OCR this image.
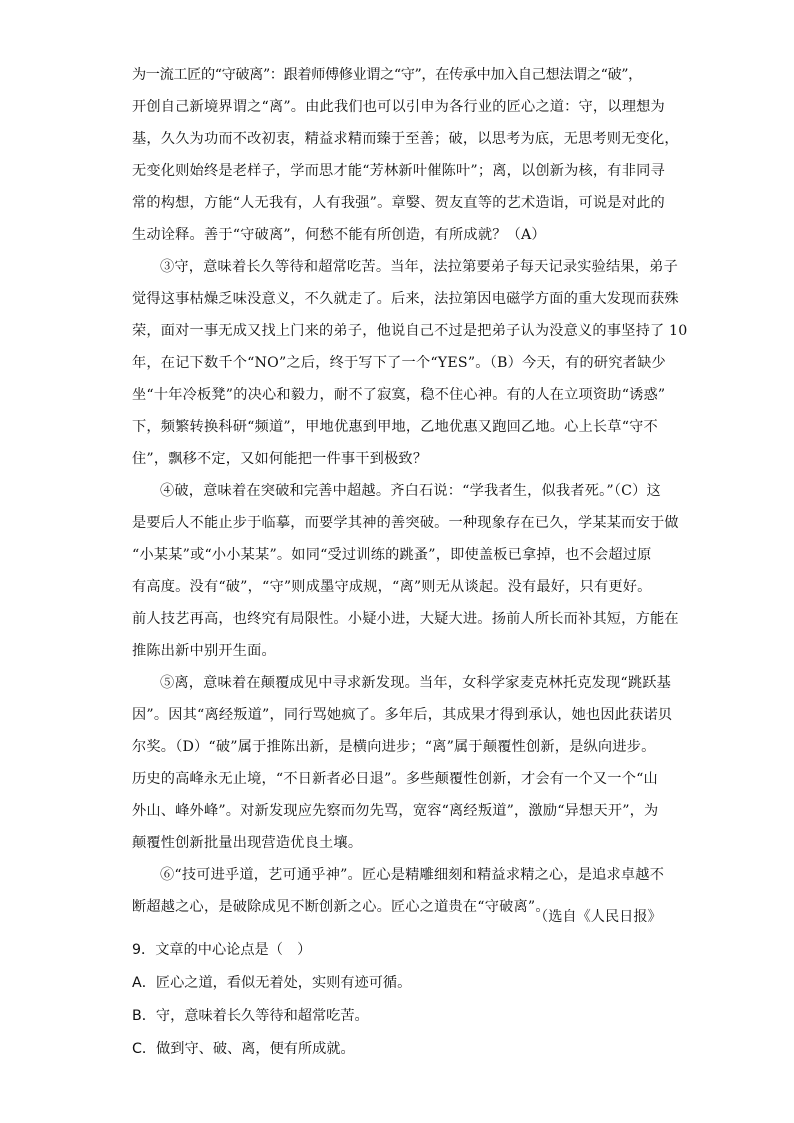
为一流工匠的“守破离”：跟着师傅修业谓之“守”，在传承中加入自己想法谓之“破”，
开创自己新境界谓之“离”。由此我们也可以引申为各行业的匠心之道：守，以理想为
基，久久为功而不改初衷，精益求精而臻于至善；破，以思考为底，无思考则无变化，
无变化则始终是老样子，学而思才能“芳林新叶催陈叶”；离，以创新为核，有非同寻
常的构想，方能“人无我有，人有我强”。章嫛、贺友直等的艺术造诣，可说是对此的
生动诠释。善于“守破离”，何愁不能有所创造，有所成就？（A）
③守，意味着长久等待和超常吃苦。当年，法拉第要弟子每天记录实验结果，弟子
觉得这事枯燥乏味没意义，不久就走了。后来，法拉第因电磁学方面的重大发现而获殊
荣，面对一事无成又找上门来的弟子，他说自己不过是把弟子认为没意义的事坚持了 10
年，在记下数千个“NO”之后，终于写下了一个“YES”。（B）今天，有的研究者缺少
坐“十年冷板凳”的决心和毅力，耐不了寂寞，稳不住心神。有的人在立项资助“诱惑”
下，频繁转换科研“频道”，甲地优惠到甲地，乙地优惠又跑回乙地。心上长草“守不
住”，飘移不定，又如何能把一件事干到极致？
④破，意味着在突破和完善中超越。齐白石说：“学我者生，似我者死。”（C）这
是要后人不能止步于临摹，而要学其神的善突破。一种现象存在已久，学某某而安于做
“小某某”或“小小某某”。如同“受过训练的跳蚤”，即使盖板已拿掉，也不会超过原
有高度。没有“破”，“守”则成墨守成规，“离”则无从谈起。没有最好，只有更好。
前人技艺再高，也终究有局限性。小疑小进，大疑大进。扬前人所长而补其短，方能在
推陈出新中别开生面。
⑤离，意味着在颠覆成见中寻求新发现。当年，女科学家麦克林托克发现“跳跃基
因”。因其“离经叛道”，同行骂她疯了。多年后，其成果才得到承认，她也因此获诺贝
尔奖。（D）“破”属于推陈出新，是横向进步；“离”属于颠覆性创新，是纵向进步。
历史的高峰永无止境，“不日新者必日退”。多些颠覆性创新，才会有一个又一个“山
外山、峰外峰”。对新发现应先察而勿先骂，宽容“离经叛道”，激励“异想天开”，为
颠覆性创新批量出现营造优良土壤。
⑥“技可进乎道，艺可通乎神”。匠心是精雕细刻和精益求精之心，是追求卓越不
断超越之心，是破除成见不断创新之心。匠心之道贵在“守破离”。
（选自《人民日报》
9．文章的中心论点是（　）
A．匠心之道，看似无着处，实则有迹可循。
B．守，意味着长久等待和超常吃苦。
C．做到守、破、离，便有所成就。
